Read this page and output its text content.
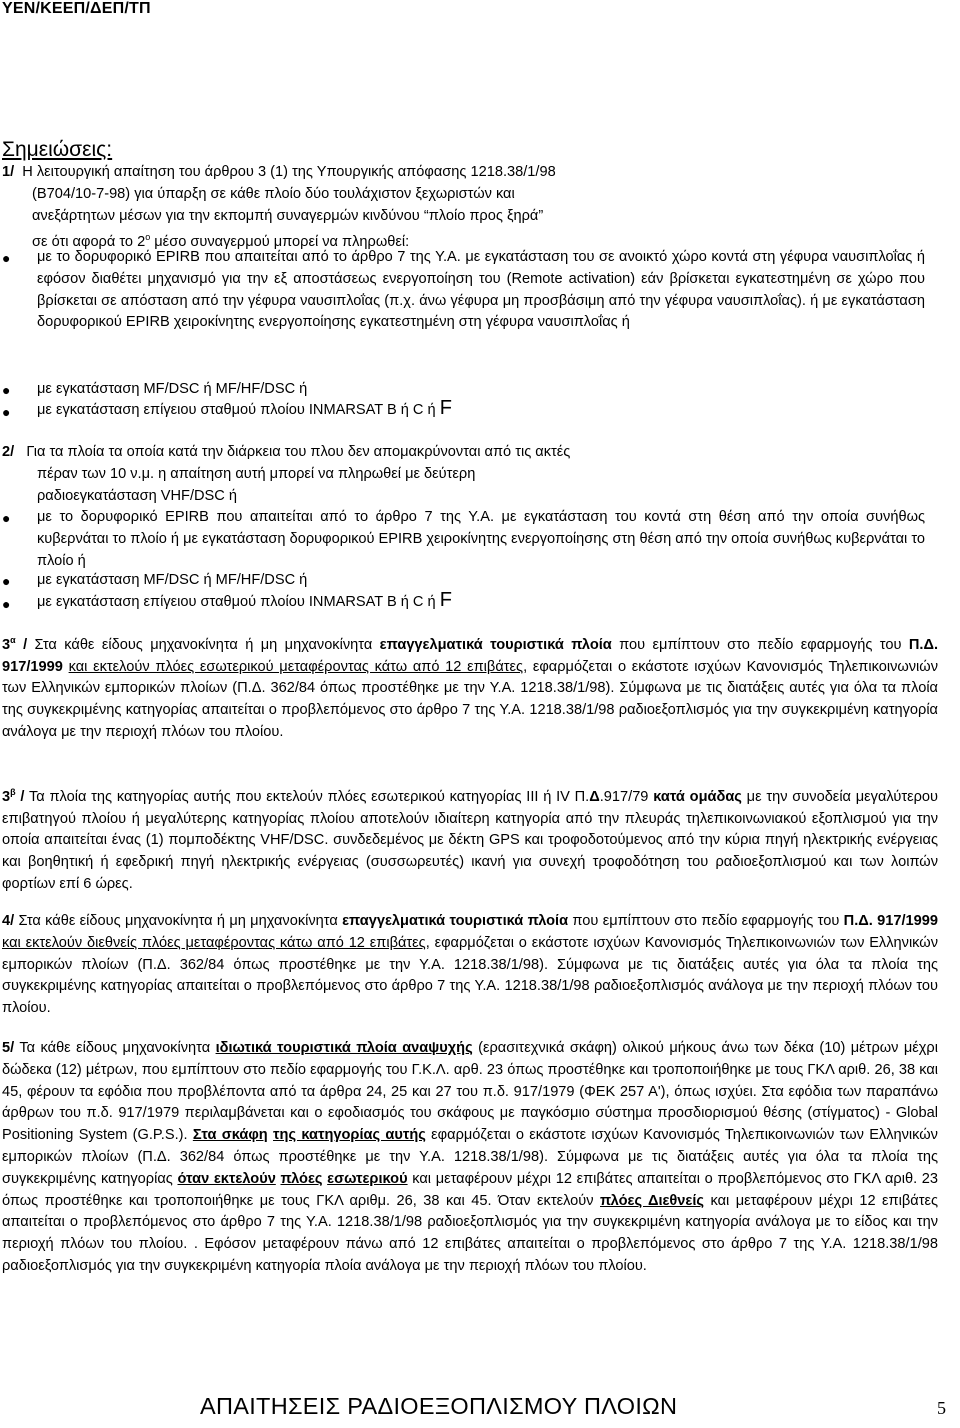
ΥΕΝ/ΚΕΕΠ/ΔΕΠ/ΤΠ
Σημειώσεις:
1/ Η λειτουργική απαίτηση του άρθρου 3 (1) της Υπουργικής απόφασης 1218.38/1/98
(Β704/10-7-98) για ύπαρξη σε κάθε πλοίο δύο τουλάχιστον ξεχωριστών και
ανεξάρτητων μέσων για την εκπομπή συναγερμών κινδύνου “πλοίο προς ξηρά”
σε ότι αφορά το $2^o$ μέσο συναγερμού μπορεί να πληρωθεί:
●	με το δορυφορικό EPIRB που απαιτείται από το άρθρο 7 της Υ.Α. με εγκατάσταση του σε ανοικτό χώρο κοντά στη γέφυρα ναυσιπλοΐας ή εφόσον διαθέτει μηχανισμό για την εξ αποστάσεως ενεργοποίηση του (Remote activation) εάν βρίσκεται εγκατεστημένη σε χώρο που βρίσκεται σε απόσταση από την γέφυρα ναυσιπλοΐας (π.χ. άνω γέφυρα μη προσβάσιμη από την γέφυρα ναυσιπλοΐας). ή με εγκατάσταση δορυφορικού EPIRB χειροκίνητης ενεργοποίησης εγκατεστημένη στη γέφυρα ναυσιπλοΐας ή
●	με εγκατάσταση MF/DSC ή MF/HF/DSC ή
●	με εγκατάσταση επίγειου σταθμού πλοίου INMARSAT B ή C ή F
2/ Για τα πλοία τα οποία κατά την διάρκεια του πλου δεν απομακρύνονται από τις ακτές
πέραν των 10 ν.μ. η απαίτηση αυτή μπορεί να πληρωθεί με δεύτερη
ραδιοεγκατάσταση VHF/DSC ή
●	με το δορυφορικό EPIRB που απαιτείται από το άρθρο 7 της Υ.Α. με εγκατάσταση του κοντά στη θέση από την οποία συνήθως κυβερνάται το πλοίο ή με εγκατάσταση δορυφορικού EPIRB χειροκίνητης ενεργοποίησης στη θέση από την οποία συνήθως κυβερνάται το πλοίο ή
●	με εγκατάσταση MF/DSC ή MF/HF/DSC ή
●	με εγκατάσταση επίγειου σταθμού πλοίου INMARSAT B ή C ή F
$3^\alpha$ / Στα κάθε είδους μηχανοκίνητα ή μη μηχανοκίνητα επαγγελματικά τουριστικά πλοία που εμπίπτουν στο πεδίο εφαρμογής του Π.Δ. 917/1999 και εκτελούν πλόες εσωτερικού μεταφέροντας κάτω από 12 επιβάτες, εφαρμόζεται ο εκάστοτε ισχύων Κανονισμός Τηλεπικοινωνιών των Ελληνικών εμπορικών πλοίων (Π.Δ. 362/84 όπως προστέθηκε με την Υ.Α. 1218.38/1/98). Σύμφωνα με τις διατάξεις αυτές για όλα τα πλοία της συγκεκριμένης κατηγορίας απαιτείται ο προβλεπόμενος στο άρθρο 7 της Υ.Α. 1218.38/1/98 ραδιοεξοπλισμός για την συγκεκριμένη κατηγορία ανάλογα με την περιοχή πλόων του πλοίου.
$3^\beta$ / Τα πλοία της κατηγορίας αυτής που εκτελούν πλόες εσωτερικού κατηγορίας ΙΙΙ ή IV Π.Δ.917/79 κατά ομάδας με την συνοδεία μεγαλύτερου επιβατηγού πλοίου ή μεγαλύτερης κατηγορίας πλοίου αποτελούν ιδιαίτερη κατηγορία από την πλευράς τηλεπικοινωνιακού εξοπλισμού για την οποία απαιτείται ένας (1) πομποδέκτης VHF/DSC. συνδεδεμένος με δέκτη GPS και τροφοδοτούμενος από την κύρια πηγή ηλεκτρικής ενέργειας και βοηθητική ή εφεδρική πηγή ηλεκτρικής ενέργειας (συσσωρευτές) ικανή για συνεχή τροφοδότηση του ραδιοεξοπλισμού και των λοιπών φορτίων επί 6 ώρες.
4/ Στα κάθε είδους μηχανοκίνητα ή μη μηχανοκίνητα επαγγελματικά τουριστικά πλοία που εμπίπτουν στο πεδίο εφαρμογής του Π.Δ. 917/1999 και εκτελούν διεθνείς πλόες μεταφέροντας κάτω από 12 επιβάτες, εφαρμόζεται ο εκάστοτε ισχύων Κανονισμός Τηλεπικοινωνιών των Ελληνικών εμπορικών πλοίων (Π.Δ. 362/84 όπως προστέθηκε με την Υ.Α. 1218.38/1/98). Σύμφωνα με τις διατάξεις αυτές για όλα τα πλοία της συγκεκριμένης κατηγορίας απαιτείται ο προβλεπόμενος στο άρθρο 7 της Υ.Α. 1218.38/1/98 ραδιοεξοπλισμός ανάλογα με την περιοχή πλόων του πλοίου.
5/ Τα κάθε είδους μηχανοκίνητα ιδιωτικά τουριστικά πλοία αναψυχής (ερασιτεχνικά σκάφη) ολικού μήκους άνω των δέκα (10) μέτρων μέχρι δώδεκα (12) μέτρων, που εμπίπτουν στο πεδίο εφαρμογής του Γ.Κ.Λ. αρθ. 23 όπως προστέθηκε και τροποποιήθηκε με τους ΓΚΛ αριθ. 26, 38 και 45, φέρουν τα εφόδια που προβλέποντα από τα άρθρα 24, 25 και 27 του π.δ. 917/1979 (ΦΕΚ 257 Α'), όπως ισχύει. Στα εφόδια των παραπάνω άρθρων του π.δ. 917/1979 περιλαμβάνεται και ο εφοδιασμός του σκάφους με παγκόσμιο σύστημα προσδιορισμού θέσης (στίγματος) - Global Positioning System (G.P.S.). Στα σκάφη της κατηγορίας αυτής εφαρμόζεται ο εκάστοτε ισχύων Κανονισμός Τηλεπικοινωνιών των Ελληνικών εμπορικών πλοίων (Π.Δ. 362/84 όπως προστέθηκε με την Υ.Α. 1218.38/1/98). Σύμφωνα με τις διατάξεις αυτές για όλα τα πλοία της συγκεκριμένης κατηγορίας όταν εκτελούν πλόες εσωτερικού και μεταφέρουν μέχρι 12 επιβάτες απαιτείται ο προβλεπόμενος στο ΓΚΛ αριθ. 23 όπως προστέθηκε και τροποποιήθηκε με τους ΓΚΛ αριθμ. 26, 38 και 45. Όταν εκτελούν πλόες Διεθνείς και μεταφέρουν μέχρι 12 επιβάτες απαιτείται ο προβλεπόμενος στο άρθρο 7 της Υ.Α. 1218.38/1/98 ραδιοεξοπλισμός για την συγκεκριμένη κατηγορία ανάλογα με το είδος και την περιοχή πλόων του πλοίου. . Εφόσον μεταφέρουν πάνω από 12 επιβάτες απαιτείται ο προβλεπόμενος στο άρθρο 7 της Υ.Α. 1218.38/1/98 ραδιοεξοπλισμός για την συγκεκριμένη κατηγορία πλοία ανάλογα με την περιοχή πλόων του πλοίου.
ΑΠΑΙΤΗΣΕΙΣ ΡΑΔΙΟΕΞΟΠΛΙΣΜΟΥ ΠΛΟΙΩΝ	5
